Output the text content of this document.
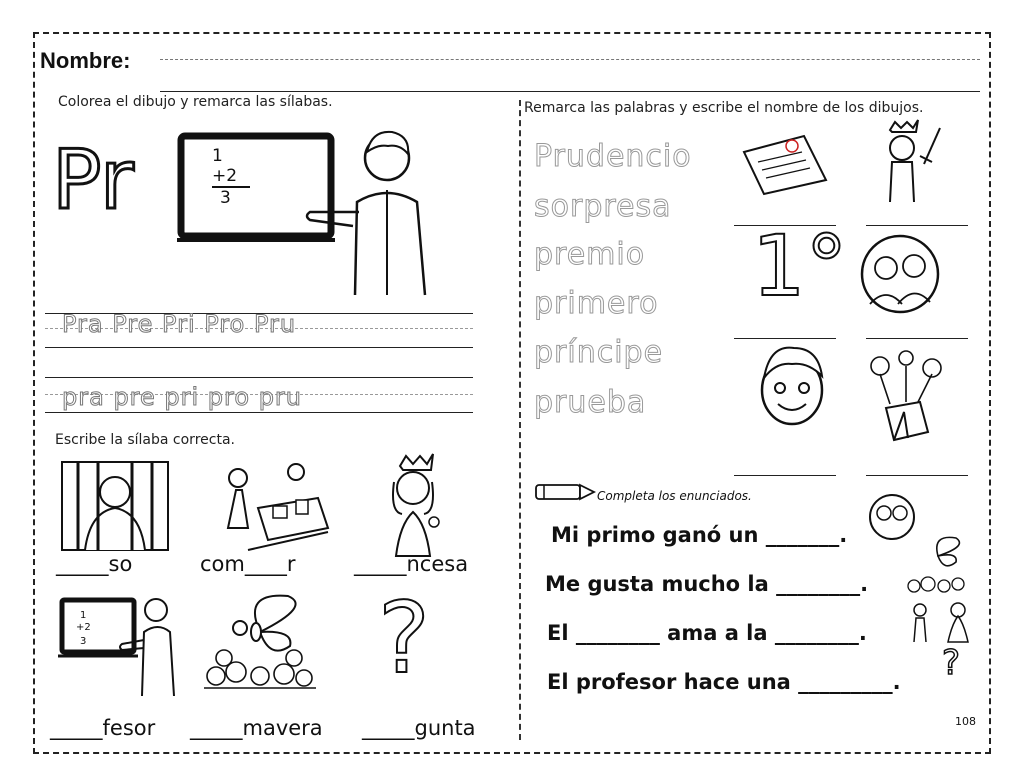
Nombre:
Colorea el dibujo y remarca las sílabas.
Pr	1
+2
3
Pra Pre Pri Pro Pru
pra pre pri pro pru
Escribe la sílaba correcta.
_____so	com____r	_____ncesa
1
+2
3	?
_____fesor _____mavera _____gunta
Remarca las palabras y escribe el nombre de los dibujos.
Prudencio
sorpresa
premio
primero
príncipe
prueba
1°
Completa los enunciados.
Mi primo ganó un _______.
Me gusta mucho la ________.
El ________ ama a la ________.
El profesor hace una _________. ?
108
